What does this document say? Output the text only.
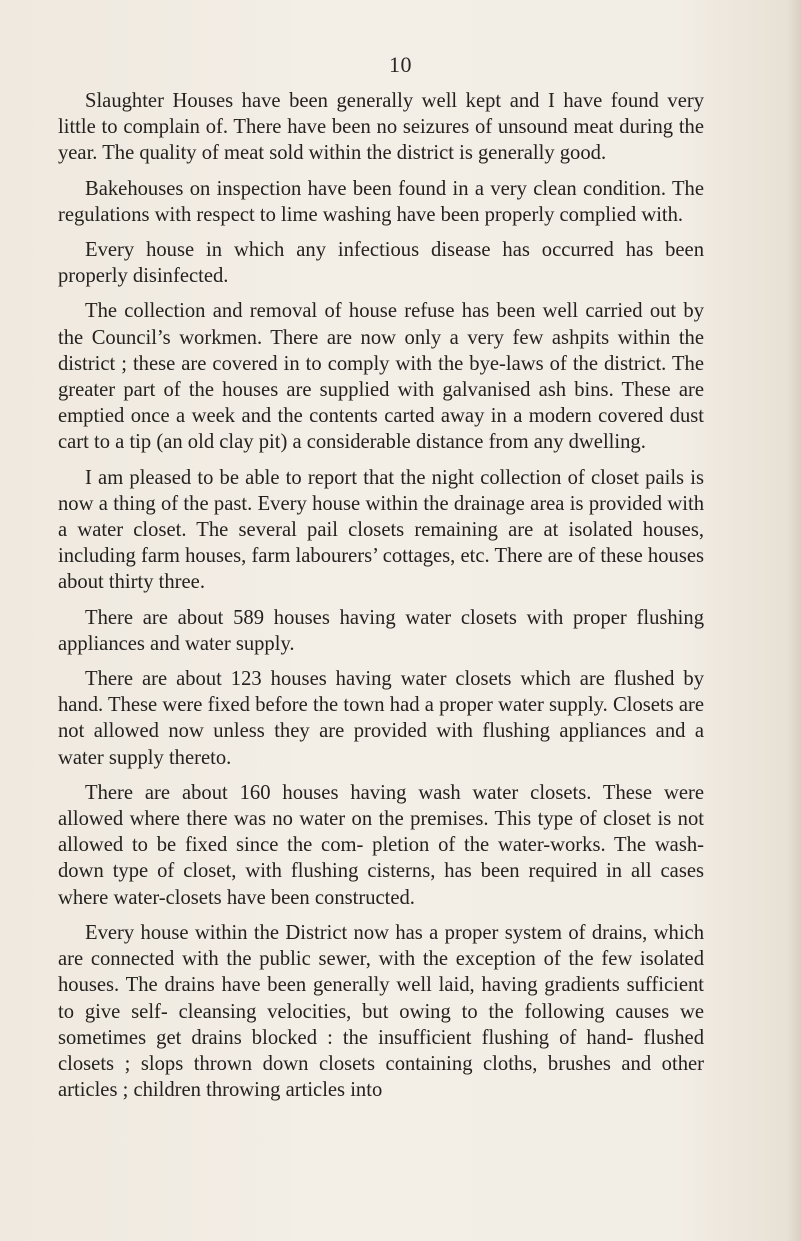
10

Slaughter Houses have been generally well kept and I have found very little to complain of. There have been no seizures of unsound meat during the year. The quality of meat sold within the district is generally good.

Bakehouses on inspection have been found in a very clean condition. The regulations with respect to lime washing have been properly complied with.

Every house in which any infectious disease has occurred has been properly disinfected.

The collection and removal of house refuse has been well carried out by the Council’s workmen. There are now only a very few ashpits within the district ; these are covered in to comply with the bye-laws of the district. The greater part of the houses are supplied with galvanised ash bins. These are emptied once a week and the contents carted away in a modern covered dust cart to a tip (an old clay pit) a considerable distance from any dwelling.

I am pleased to be able to report that the night collection of closet pails is now a thing of the past. Every house within the drainage area is provided with a water closet. The several pail closets remaining are at isolated houses, including farm houses, farm labourers’ cottages, etc. There are of these houses about thirty three.

There are about 589 houses having water closets with proper flushing appliances and water supply.

There are about 123 houses having water closets which are flushed by hand. These were fixed before the town had a proper water supply. Closets are not allowed now unless they are provided with flushing appliances and a water supply thereto.

There are about 160 houses having wash water closets. These were allowed where there was no water on the premises. This type of closet is not allowed to be fixed since the com- pletion of the water-works. The wash-down type of closet, with flushing cisterns, has been required in all cases where water-closets have been constructed.

Every house within the District now has a proper system of drains, which are connected with the public sewer, with the exception of the few isolated houses. The drains have been generally well laid, having gradients sufficient to give self- cleansing velocities, but owing to the following causes we sometimes get drains blocked : the insufficient flushing of hand- flushed closets ; slops thrown down closets containing cloths, brushes and other articles ; children throwing articles into
